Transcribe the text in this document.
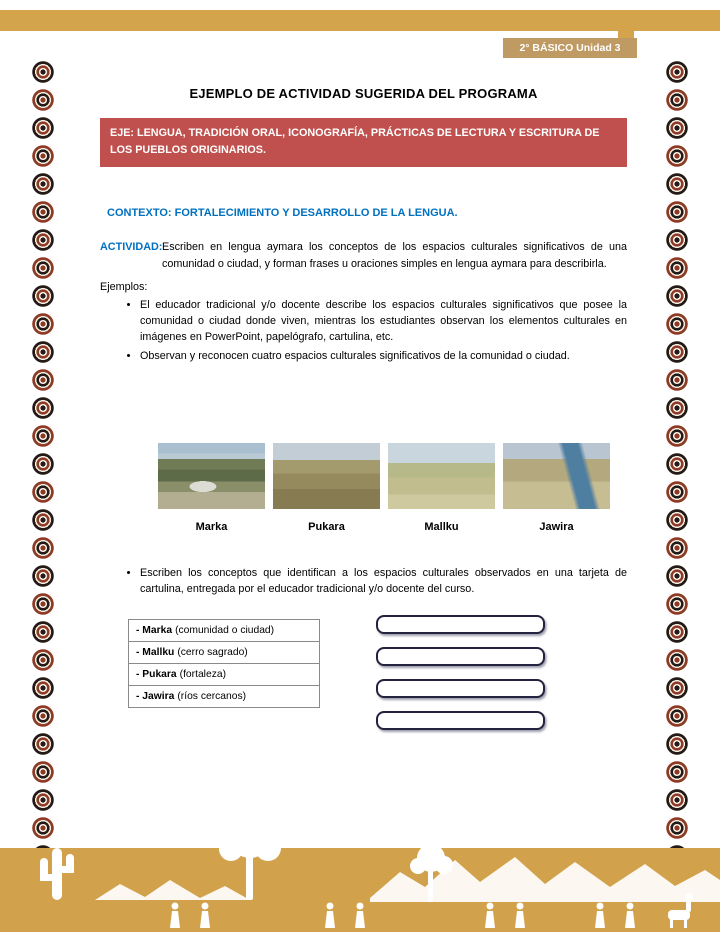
2° BÁSICO Unidad 3
EJEMPLO DE ACTIVIDAD SUGERIDA DEL PROGRAMA
EJE: LENGUA, TRADICIÓN ORAL, ICONOGRAFÍA, PRÁCTICAS DE LECTURA Y ESCRITURA DE LOS PUEBLOS ORIGINARIOS.
CONTEXTO: FORTALECIMIENTO Y DESARROLLO DE LA LENGUA.
ACTIVIDAD: Escriben en lengua aymara los conceptos de los espacios culturales significativos de una comunidad o ciudad, y forman frases u oraciones simples en lengua aymara para describirla.
Ejemplos:
• El educador tradicional y/o docente describe los espacios culturales significativos que posee la comunidad o ciudad donde viven, mientras los estudiantes observan los elementos culturales en imágenes en PowerPoint, papelógrafo, cartulina, etc.
• Observan y reconocen cuatro espacios culturales significativos de la comunidad o ciudad.
Marka	Pukara	Mallku	Jawira
• Escriben los conceptos que identifican a los espacios culturales observados en una tarjeta de cartulina, entregada por el educador tradicional y/o docente del curso.
- Marka (comunidad o ciudad)
- Mallku (cerro sagrado)
- Pukara (fortaleza)
- Jawira (ríos cercanos)
